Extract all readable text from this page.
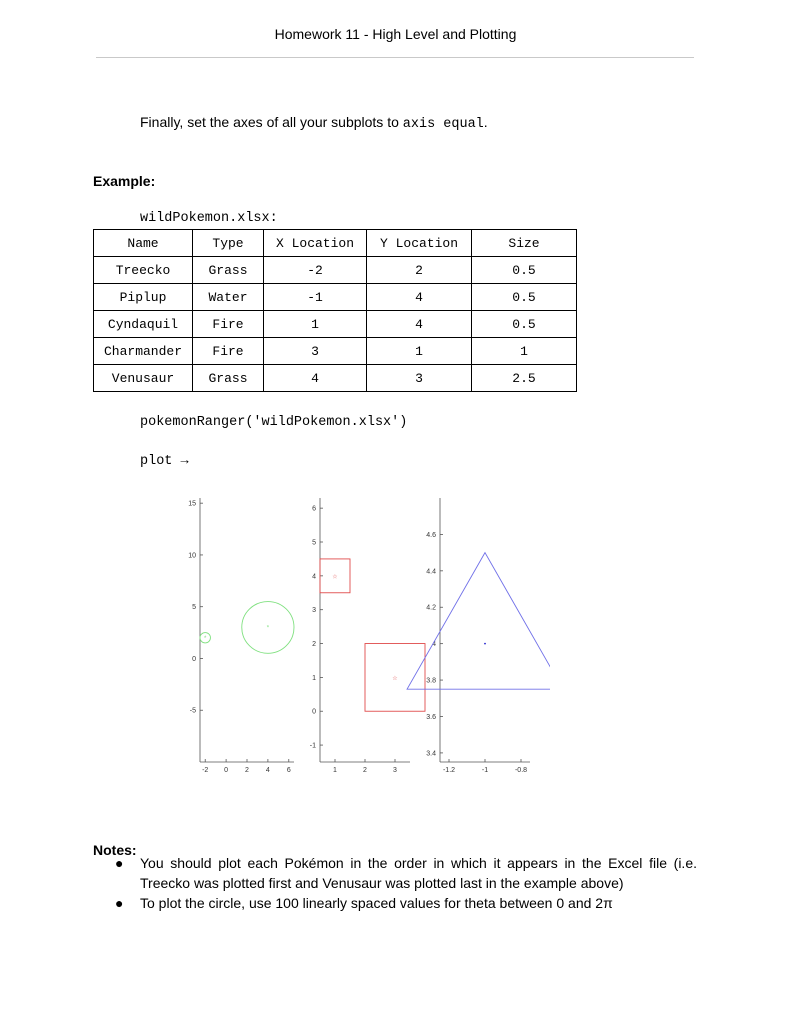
Homework 11 - High Level and Plotting
Finally, set the axes of all your subplots to axis equal.
Example:
wildPokemon.xlsx:
Name	Type	X Location	Y Location	Size
Treecko	Grass	-2	2	0.5
Piplup	Water	-1	4	0.5
Cyndaquil	Fire	1	4	0.5
Charmander	Fire	3	1	1
Venusaur	Grass	4	3	2.5
pokemonRanger('wildPokemon.xlsx')
plot →
15
10
5
0
-5
-2 0 2 4 6
*
*
6
5
4
3
2
1
0
-1
1	2	3
☆
☆
4.6
4.4
4.2
4
3.8
3.6
3.4
-1.2	-1	-0.8
Notes:
● You should plot each Pokémon in the order in which it appears in the Excel file (i.e. Treecko was plotted first and Venusaur was plotted last in the example above)
● To plot the circle, use 100 linearly spaced values for theta between 0 and 2π
